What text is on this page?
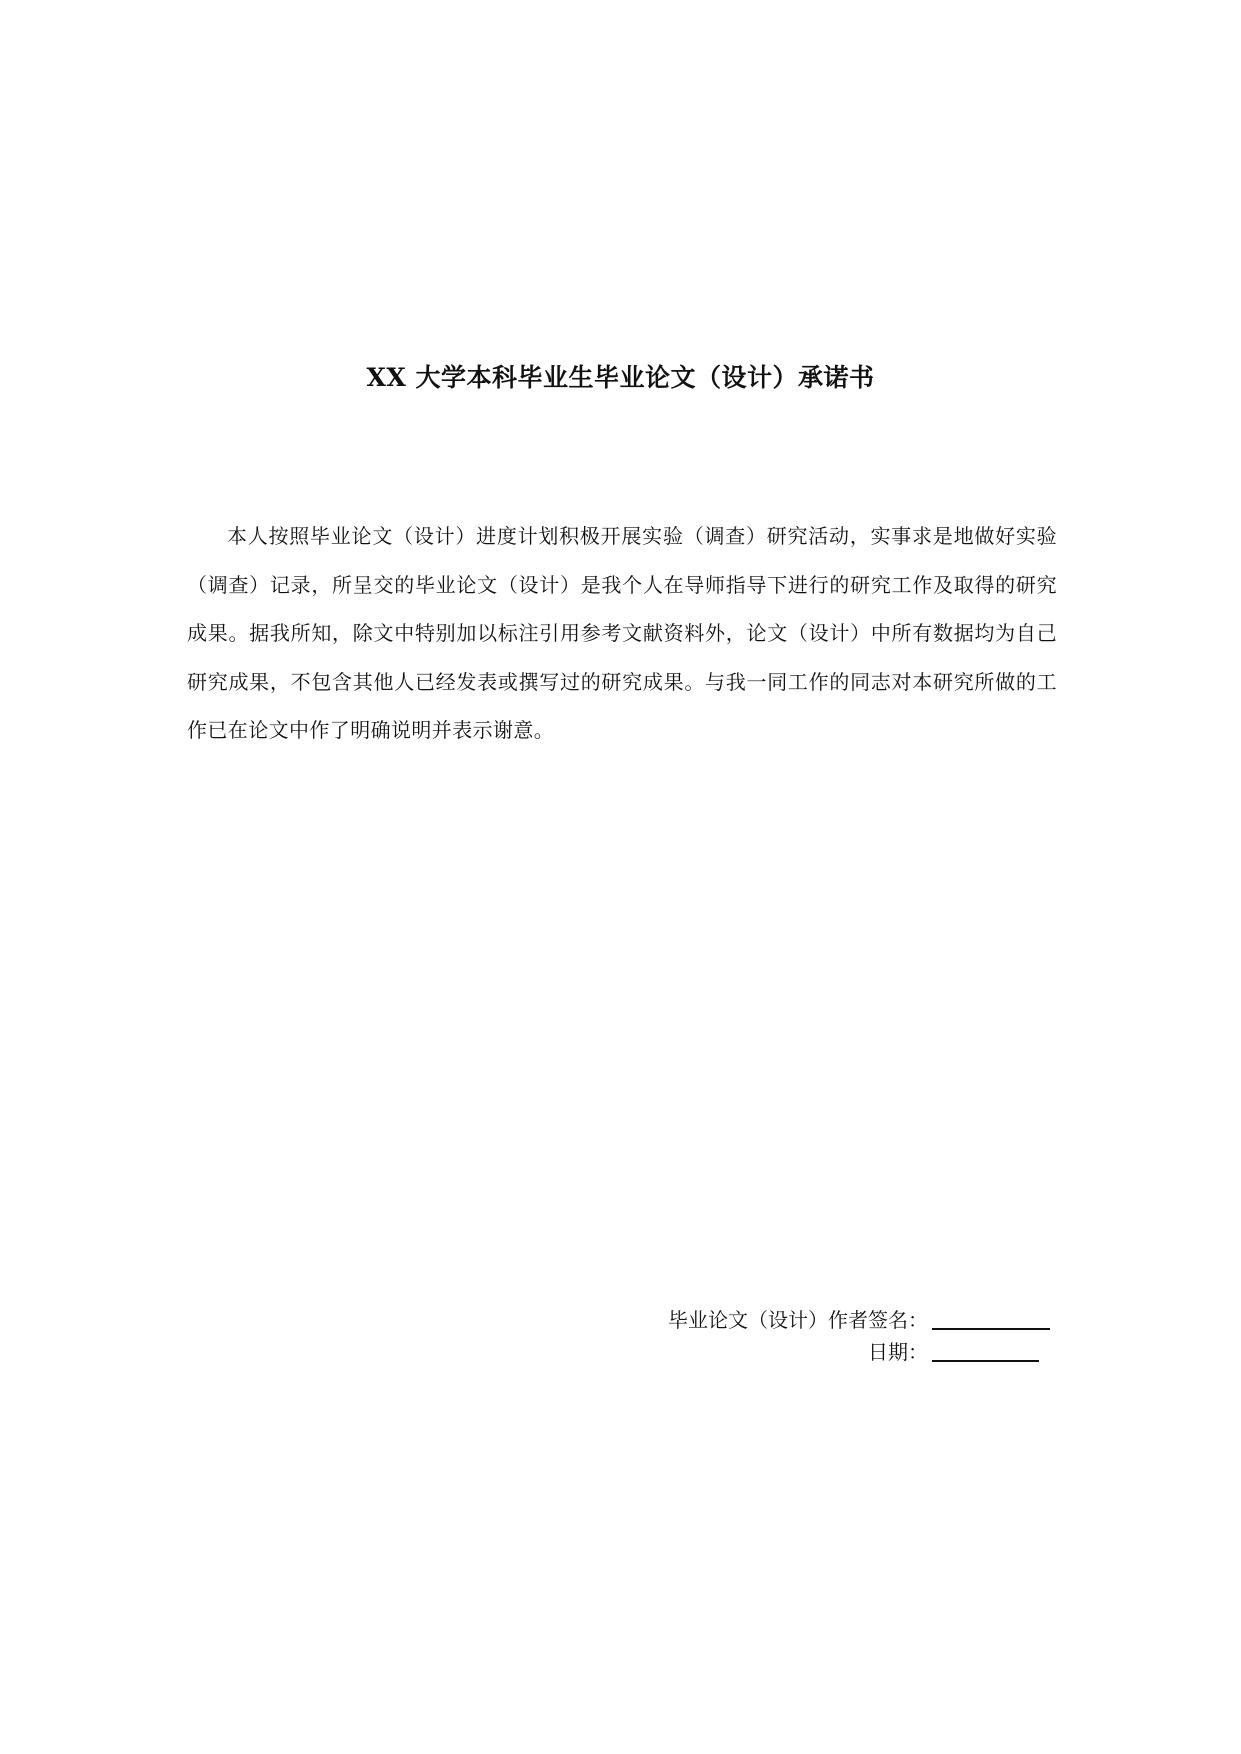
XX 大学本科毕业生毕业论文（设计）承诺书
本人按照毕业论文（设计）进度计划积极开展实验（调查）研究活动，实事求是地做好实验（调查）记录，所呈交的毕业论文（设计）是我个人在导师指导下进行的研究工作及取得的研究成果。据我所知，除文中特别加以标注引用参考文献资料外，论文（设计）中所有数据均为自己研究成果，不包含其他人已经发表或撰写过的研究成果。与我一同工作的同志对本研究所做的工作已在论文中作了明确说明并表示谢意。
毕业论文（设计）作者签名：
日期：
